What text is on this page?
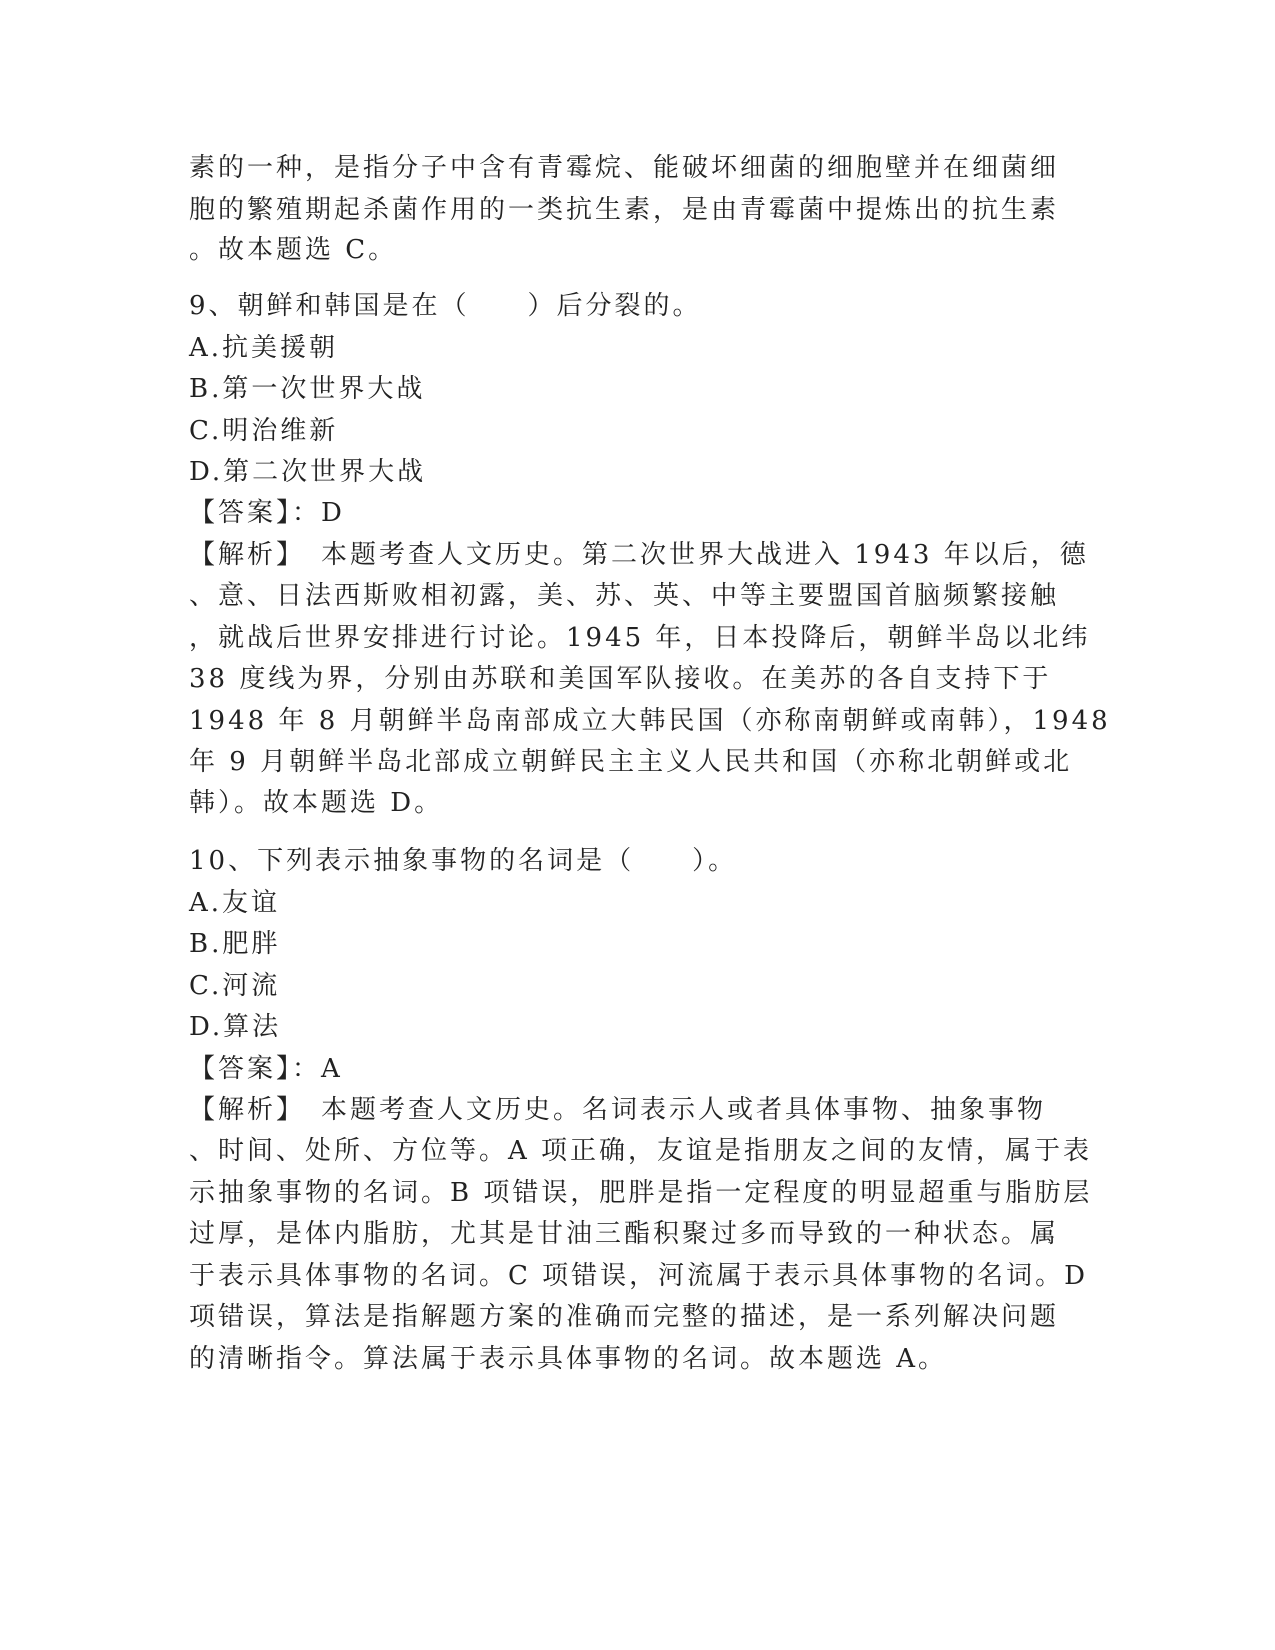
素的一种，是指分子中含有青霉烷、能破坏细菌的细胞壁并在细菌细
胞的繁殖期起杀菌作用的一类抗生素，是由青霉菌中提炼出的抗生素
。故本题选 C。
9、朝鲜和韩国是在（　　）后分裂的。
A.抗美援朝
B.第一次世界大战
C.明治维新
D.第二次世界大战
【答案】：D
【解析】　本题考查人文历史。第二次世界大战进入 1943 年以后，德
、意、日法西斯败相初露，美、苏、英、中等主要盟国首脑频繁接触
，就战后世界安排进行讨论。1945 年，日本投降后，朝鲜半岛以北纬
38 度线为界，分别由苏联和美国军队接收。在美苏的各自支持下于
1948 年 8 月朝鲜半岛南部成立大韩民国（亦称南朝鲜或南韩），1948
年 9 月朝鲜半岛北部成立朝鲜民主主义人民共和国（亦称北朝鲜或北
韩）。故本题选 D。
10、下列表示抽象事物的名词是（　　）。
A.友谊
B.肥胖
C.河流
D.算法
【答案】：A
【解析】　本题考查人文历史。名词表示人或者具体事物、抽象事物
、时间、处所、方位等。A 项正确，友谊是指朋友之间的友情，属于表
示抽象事物的名词。B 项错误，肥胖是指一定程度的明显超重与脂肪层
过厚，是体内脂肪，尤其是甘油三酯积聚过多而导致的一种状态。属
于表示具体事物的名词。C 项错误，河流属于表示具体事物的名词。D
项错误，算法是指解题方案的准确而完整的描述，是一系列解决问题
的清晰指令。算法属于表示具体事物的名词。故本题选 A。
